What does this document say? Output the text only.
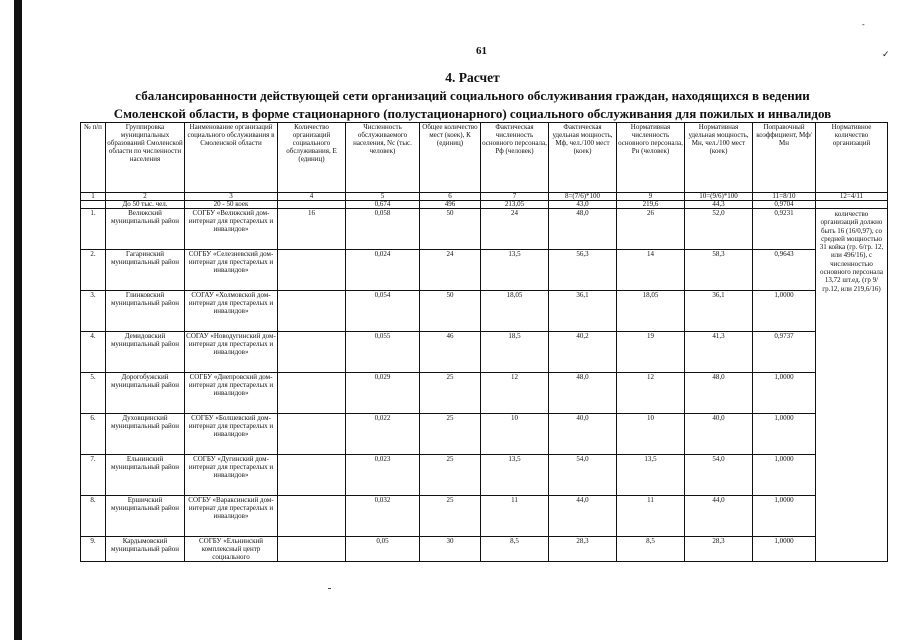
-
✓
61
4. Расчет
сбалансированности действующей сети организаций социального обслуживания граждан, находящихся в ведении
Смоленской области, в форме стационарного (полустационарного) социального обслуживания для пожилых и инвалидов
№ п/п	Группировка муниципальных образований Смоленской области по численности населения	Наименование организаций социального обслуживания в Смоленской области	Количество организаций социального обслуживания, Е (единиц)	Численность обслуживаемого населения, Nc (тыс. человек)	Общее количество мест (коек), К (единиц)	Фактическая численность основного персонала, Рф (человек)	Фактическая удельная мощность, Мф, чел./100 мест (коек)	Нормативная численность основного персонала, Рн (человек)	Нормативная удельная мощность, Мн, чел./100 мест (коек)	Поправочный коэффициент, Мф/Мн	Нормативное количество организаций
1	2	3	4	5	6	7	8=(7/6)*100	9	10=(9/6)*100	11=8/10	12=4/11
	До 50 тыс. чел.	20 - 50 коек		0,674	496	213,05	43,0	219,6	44,3	0,9704	
1.	Велижский муниципальный район	СОГБУ «Велижский дом-интернат для престарелых и инвалидов»	16	0,058	50	24	48,0	26	52,0	0,9231	количество организаций должно быть 16 (16/0,97), со средней мощностью 31 койка (гр. 6/гр. 12, или 496/16), с численностью основного персонала 13,72 шт.ед. (гр 9/гр.12, или 219,6/16)
2.	Гагаринский муниципальный район	СОГБУ «Селезневский дом-интернат для престарелых и инвалидов»		0,024	24	13,5	56,3	14	58,3	0,9643	
3.	Глинковский муниципальный район	СОГАУ «Холмовской дом-интернат для престарелых и инвалидов»		0,054	50	18,05	36,1	18,05	36,1	1,0000	
4.	Демидовский муниципальный район	СОГАУ «Новодугинский дом-интернат для престарелых и инвалидов»		0,055	46	18,5	40,2	19	41,3	0,9737	
5.	Дорогобужский муниципальный район	СОГБУ «Днепровский дом-интернат для престарелых и инвалидов»		0,029	25	12	48,0	12	48,0	1,0000	
6.	Духовщинский муниципальный район	СОГБУ «Болшевский дом-интернат для престарелых и инвалидов»		0,022	25	10	40,0	10	40,0	1,0000	
7.	Ельнинский муниципальный район	СОГБУ «Дугинский дом-интернат для престарелых и инвалидов»		0,023	25	13,5	54,0	13,5	54,0	1,0000	
8.	Ершичский муниципальный район	СОГБУ «Вараксинский дом-интернат для престарелых и инвалидов»		0,032	25	11	44,0	11	44,0	1,0000	
9.	Кардымовский муниципальный район	СОГБУ «Ельнинский комплексный центр социального		0,05	30	8,5	28,3	8,5	28,3	1,0000	
